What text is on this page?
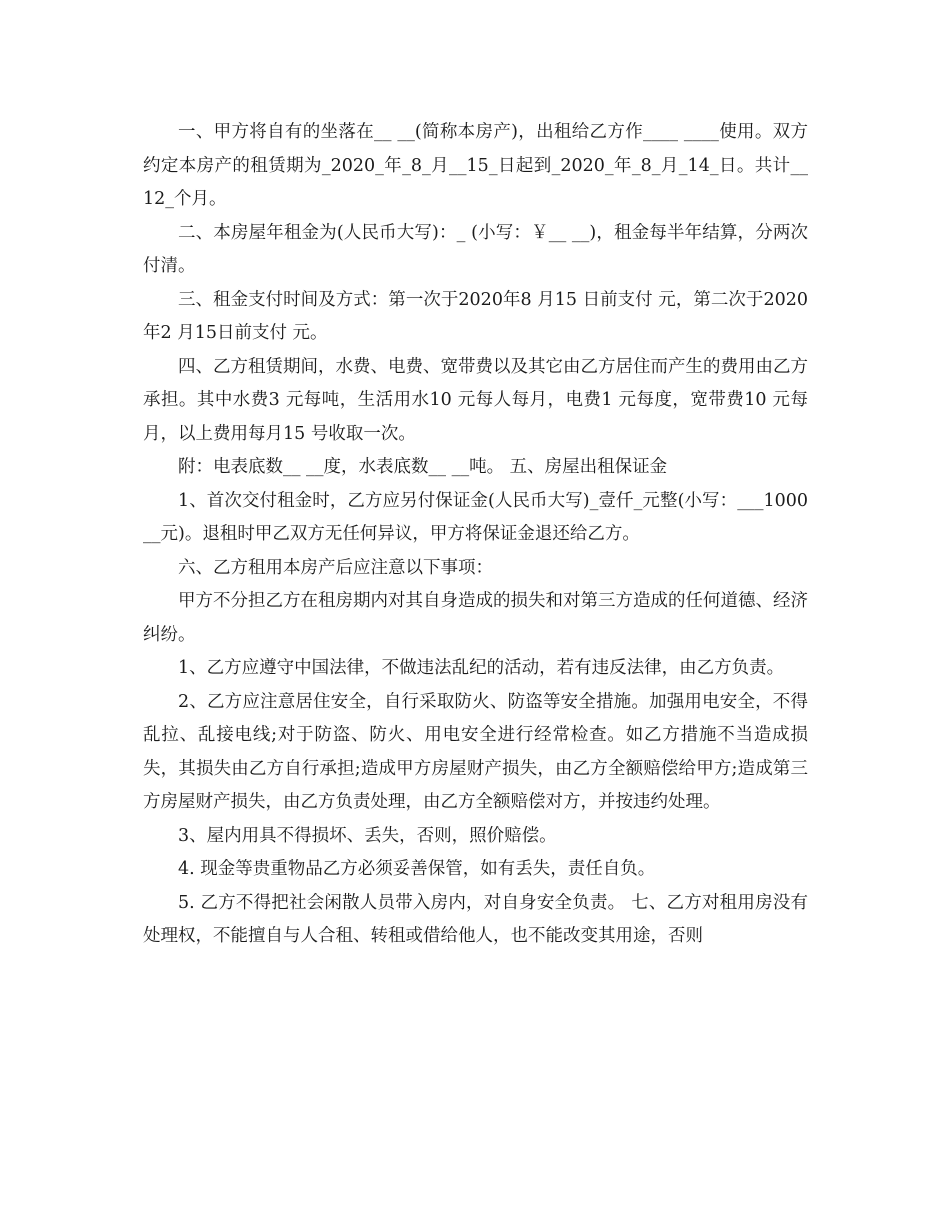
一、甲方将自有的坐落在__ __(简称本房产)，出租给乙方作____ ____使用。双方约定本房产的租赁期为_2020_年_8_月__15_日起到_2020_年_8_月_14_日。共计__12_个月。

二、本房屋年租金为(人民币大写)：_ (小写：￥__ __)，租金每半年结算，分两次付清。

三、租金支付时间及方式：第一次于2020年8 月15 日前支付 元，第二次于2020年2 月15日前支付 元。

四、乙方租赁期间，水费、电费、宽带费以及其它由乙方居住而产生的费用由乙方承担。其中水费3 元每吨，生活用水10 元每人每月，电费1 元每度，宽带费10 元每月，以上费用每月15 号收取一次。

附：电表底数__ __度，水表底数__ __吨。 五、房屋出租保证金

1、首次交付租金时，乙方应另付保证金(人民币大写)_壹仟_元整(小写：___1000__元)。退租时甲乙双方无任何异议，甲方将保证金退还给乙方。

六、乙方租用本房产后应注意以下事项：

甲方不分担乙方在租房期内对其自身造成的损失和对第三方造成的任何道德、经济纠纷。

1、乙方应遵守中国法律，不做违法乱纪的活动，若有违反法律，由乙方负责。

2、乙方应注意居住安全，自行采取防火、防盗等安全措施。加强用电安全，不得乱拉、乱接电线;对于防盗、防火、用电安全进行经常检查。如乙方措施不当造成损失，其损失由乙方自行承担;造成甲方房屋财产损失，由乙方全额赔偿给甲方;造成第三方房屋财产损失，由乙方负责处理，由乙方全额赔偿对方，并按违约处理。

3、屋内用具不得损坏、丢失，否则，照价赔偿。

4. 现金等贵重物品乙方必须妥善保管，如有丢失，责任自负。

5. 乙方不得把社会闲散人员带入房内，对自身安全负责。 七、乙方对租用房没有处理权，不能擅自与人合租、转租或借给他人，也不能改变其用途，否则
